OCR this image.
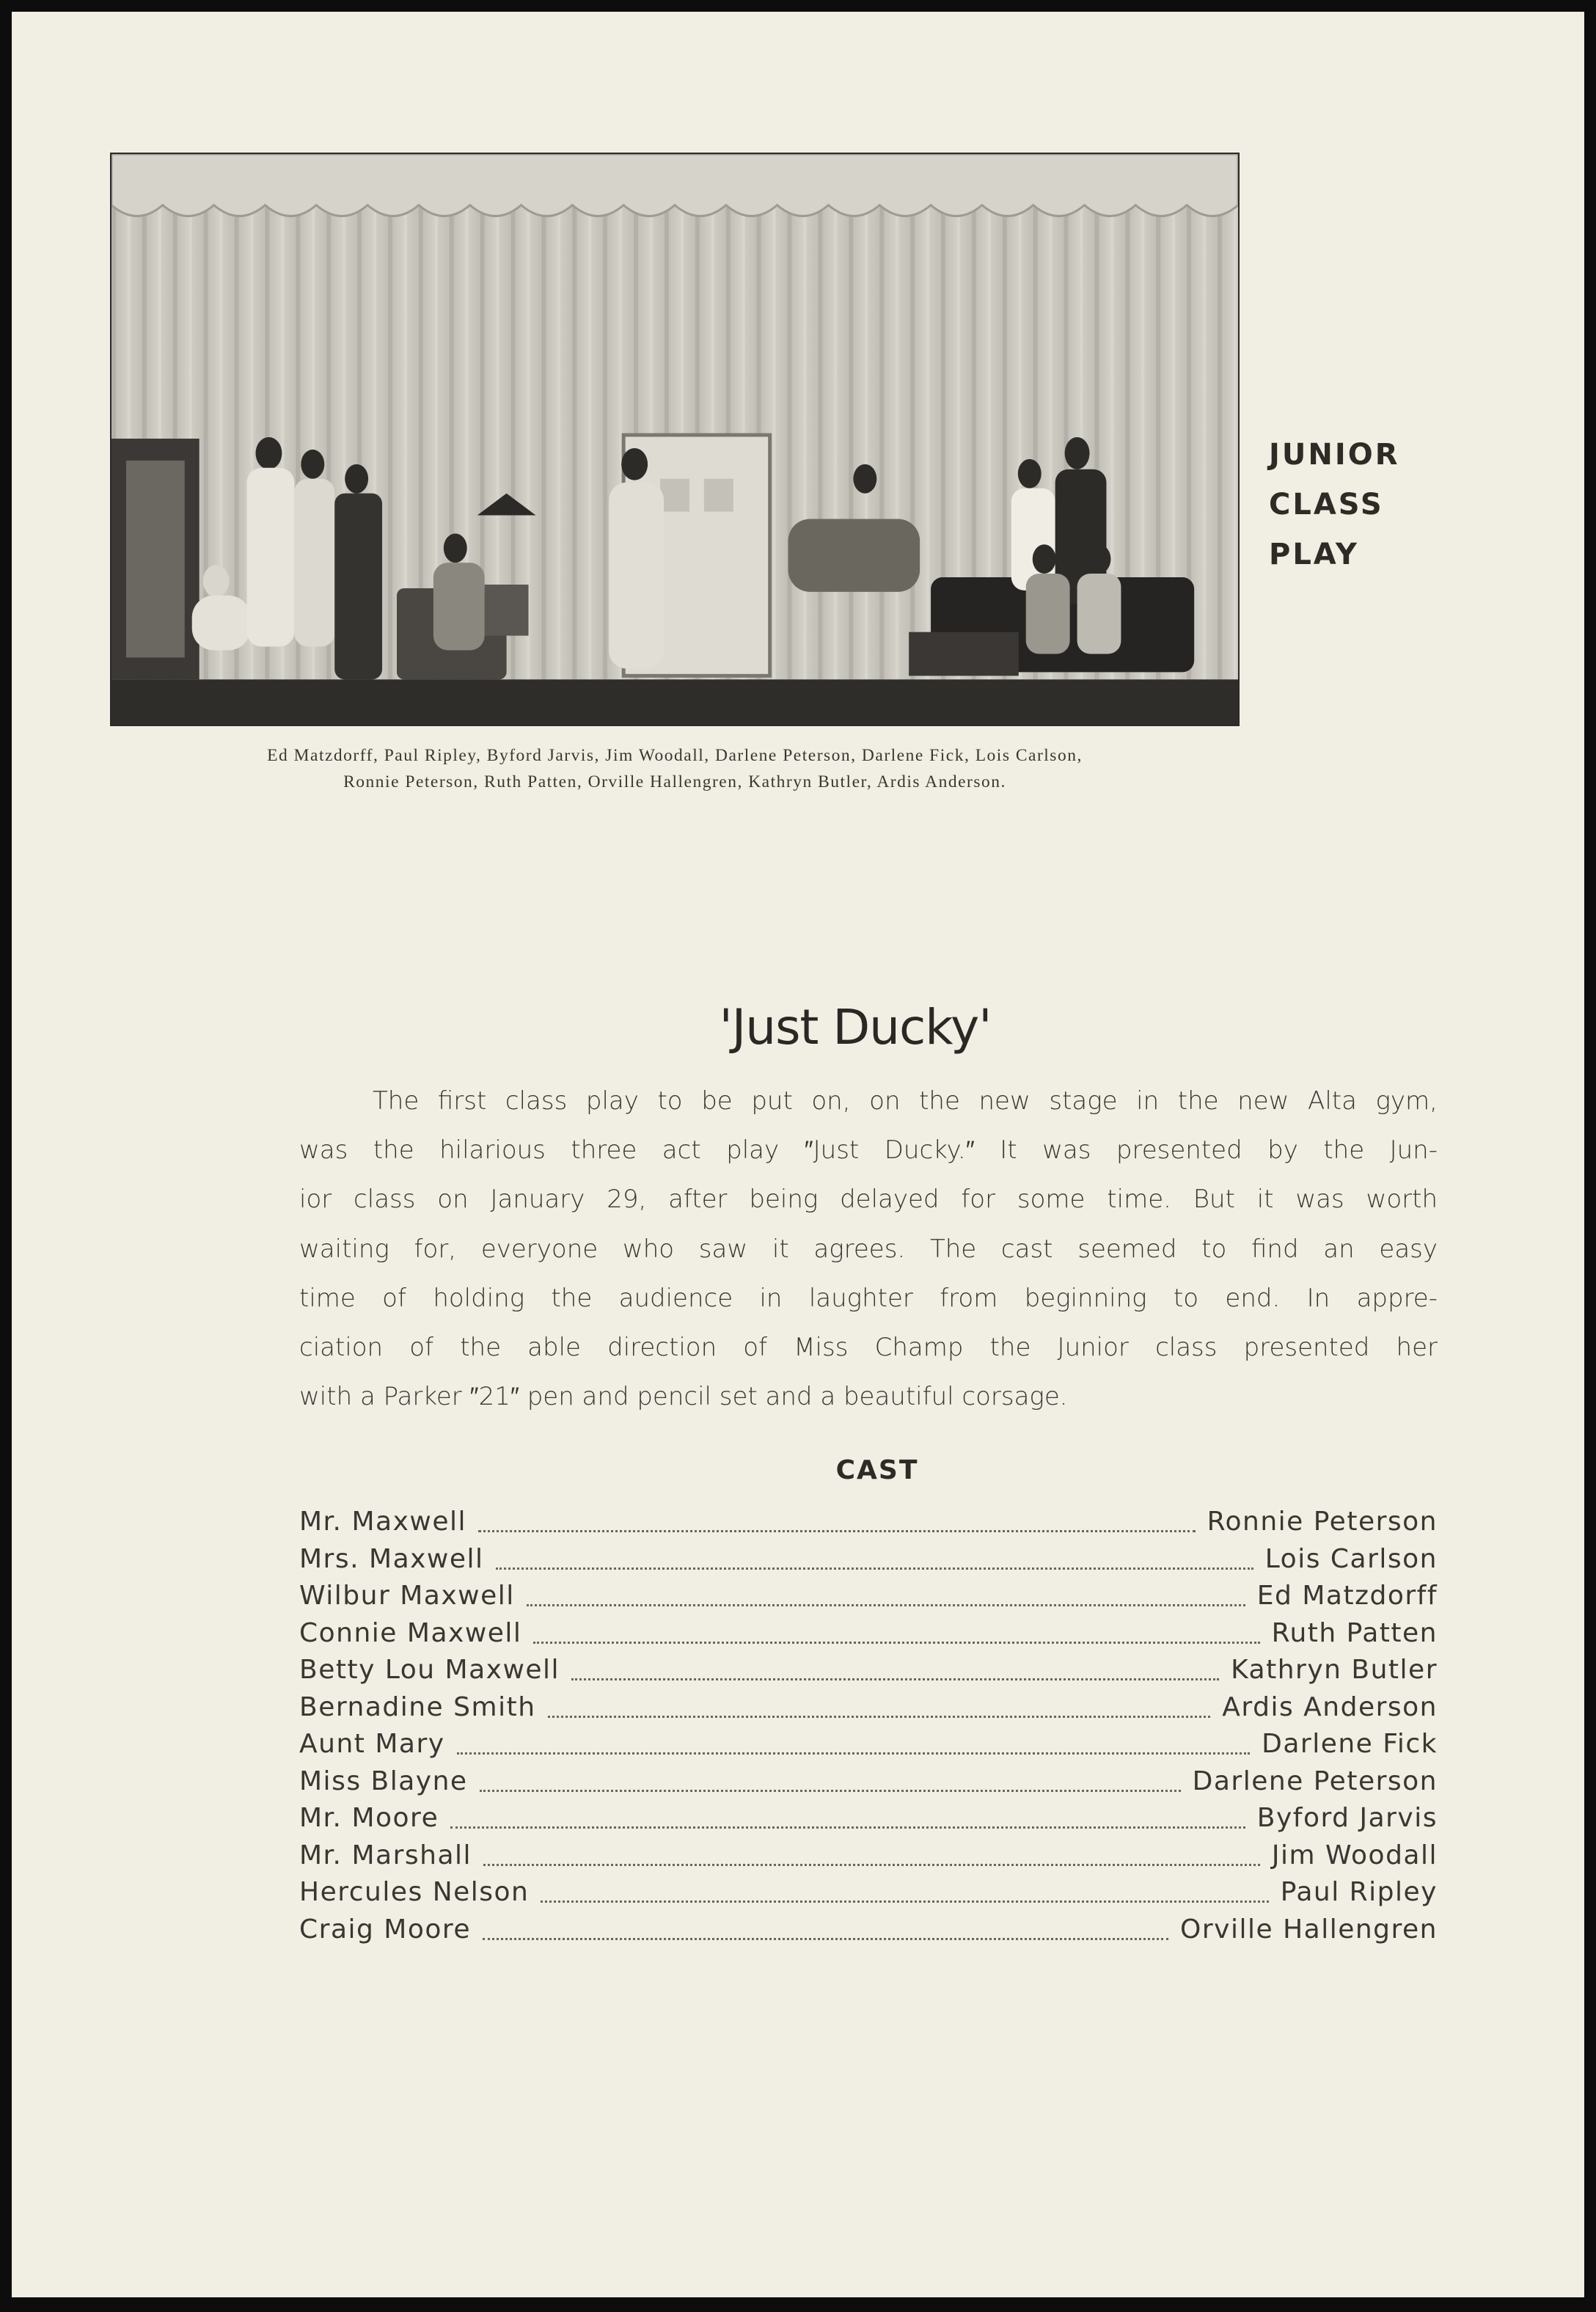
JUNIOR
CLASS
PLAY
Ed Matzdorff, Paul Ripley, Byford Jarvis, Jim Woodall, Darlene Peterson, Darlene Fick, Lois Carlson,
Ronnie Peterson, Ruth Patten, Orville Hallengren, Kathryn Butler, Ardis Anderson.
'Just Ducky'
The first class play to be put on, on the new stage in the new Alta gym,
was the hilarious three act play ″Just Ducky.″ It was presented by the Jun-
ior class on January 29, after being delayed for some time. But it was worth
waiting for, everyone who saw it agrees. The cast seemed to find an easy
time of holding the audience in laughter from beginning to end. In appre-
ciation of the able direction of Miss Champ the Junior class presented her
with a Parker ″21″ pen and pencil set and a beautiful corsage.
CAST
Mr. Maxwell	Ronnie Peterson
Mrs. Maxwell	Lois Carlson
Wilbur Maxwell	Ed Matzdorff
Connie Maxwell	Ruth Patten
Betty Lou Maxwell	Kathryn Butler
Bernadine Smith	Ardis Anderson
Aunt Mary	Darlene Fick
Miss Blayne	Darlene Peterson
Mr. Moore	Byford Jarvis
Mr. Marshall	Jim Woodall
Hercules Nelson	Paul Ripley
Craig Moore	Orville Hallengren
